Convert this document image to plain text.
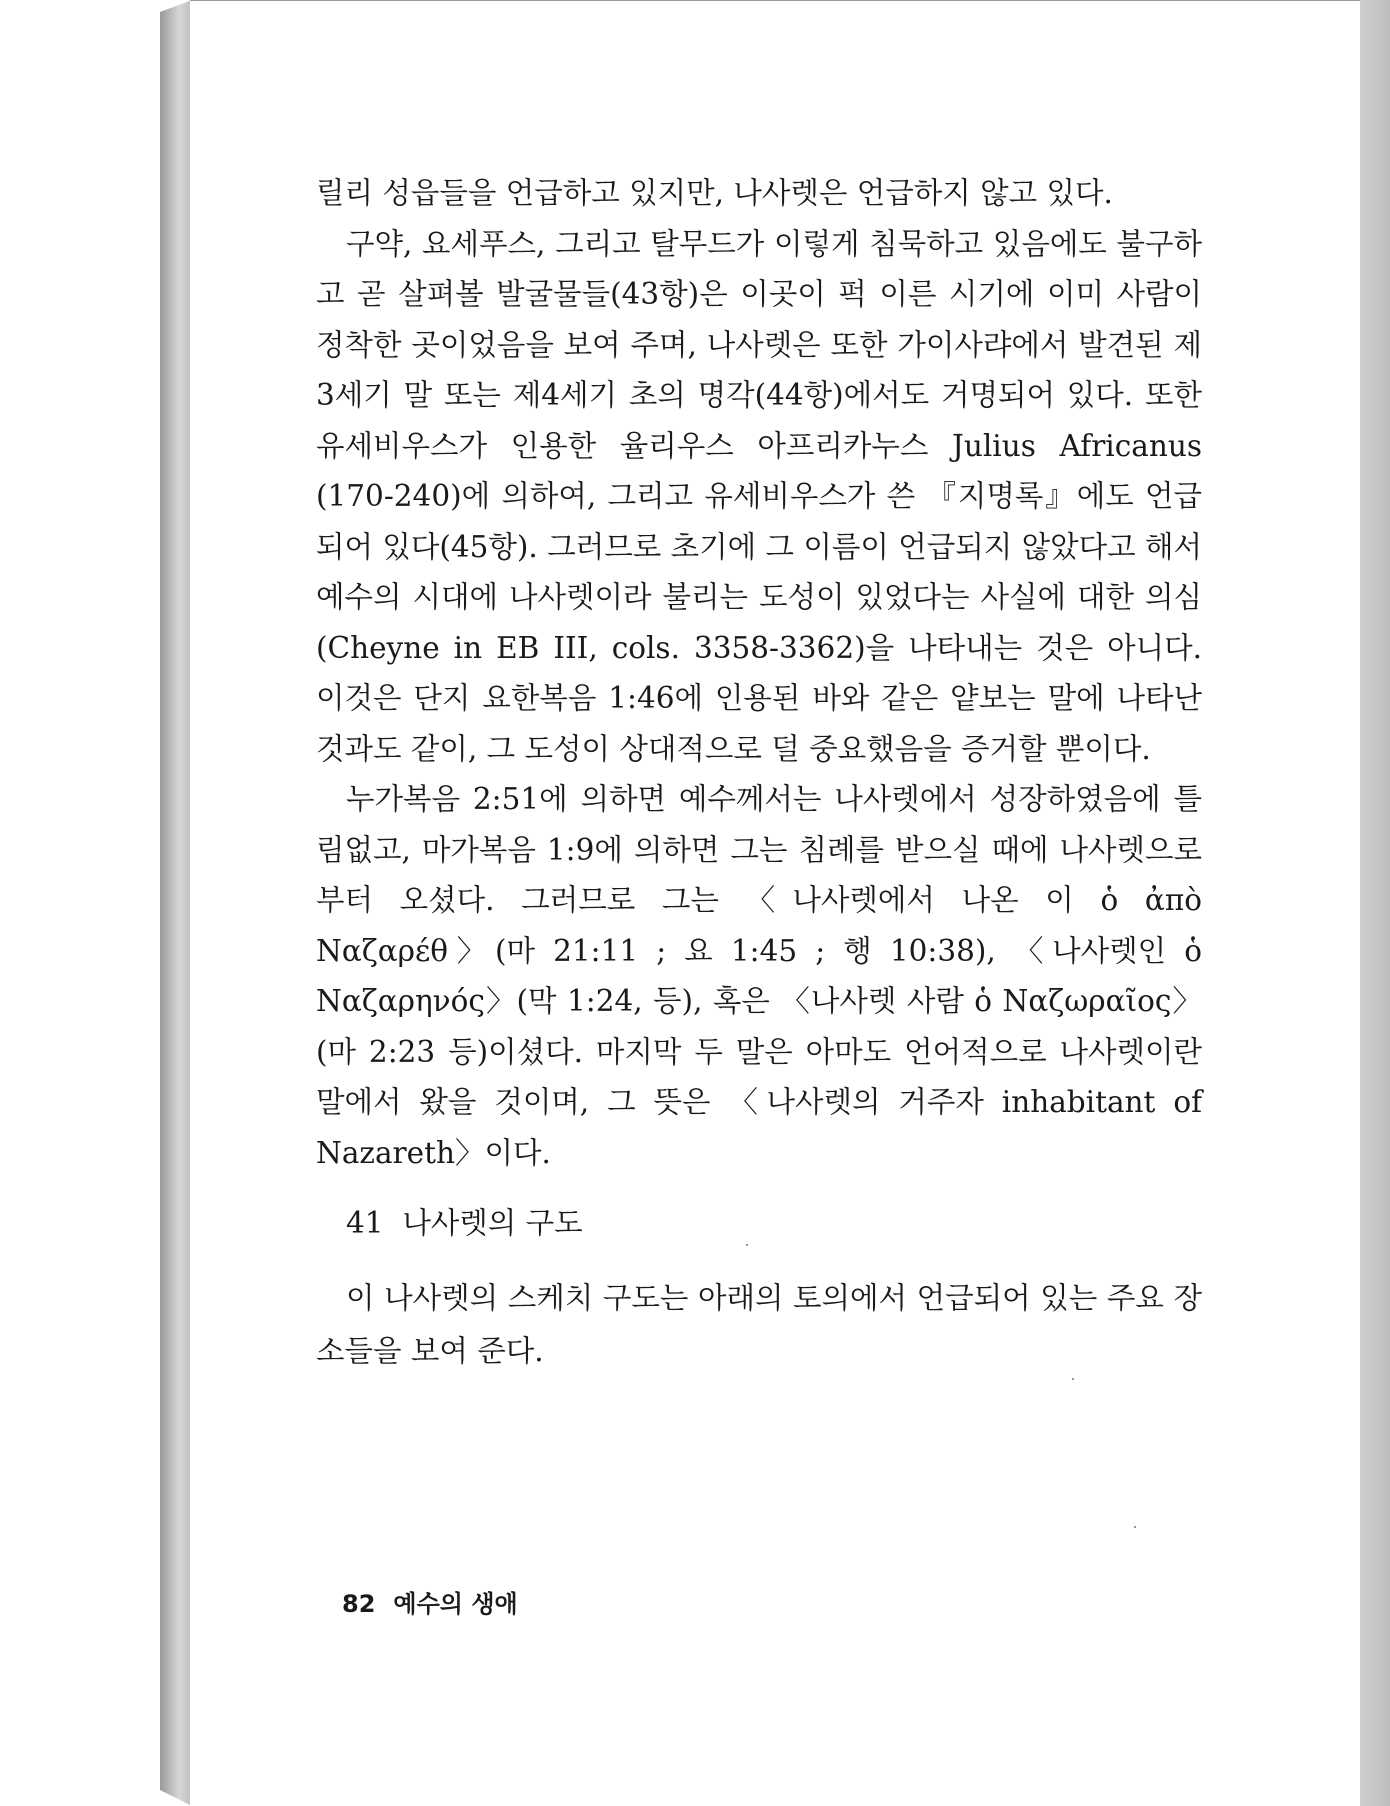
릴리 성읍들을 언급하고 있지만, 나사렛은 언급하지 않고 있다.

구약, 요세푸스, 그리고 탈무드가 이렇게 침묵하고 있음에도 불구하고 곧 살펴볼 발굴물들(43항)은 이곳이 퍽 이른 시기에 이미 사람이 정착한 곳이었음을 보여 주며, 나사렛은 또한 가이사랴에서 발견된 제3세기 말 또는 제4세기 초의 명각(44항)에서도 거명되어 있다. 또한 유세비우스가 인용한 율리우스 아프리카누스 Julius Africanus (170-240)에 의하여, 그리고 유세비우스가 쓴 『지명록』에도 언급되어 있다(45항). 그러므로 초기에 그 이름이 언급되지 않았다고 해서 예수의 시대에 나사렛이라 불리는 도성이 있었다는 사실에 대한 의심(Cheyne in EB III, cols. 3358-3362)을 나타내는 것은 아니다. 이것은 단지 요한복음 1:46에 인용된 바와 같은 얕보는 말에 나타난 것과도 같이, 그 도성이 상대적으로 덜 중요했음을 증거할 뿐이다.

누가복음 2:51에 의하면 예수께서는 나사렛에서 성장하였음에 틀림없고, 마가복음 1:9에 의하면 그는 침례를 받으실 때에 나사렛으로부터 오셨다. 그러므로 그는 〈나사렛에서 나온 이 ὁ ἀπὸ Ναζαρέθ〉(마 21:11 ; 요 1:45 ; 행 10:38), 〈나사렛인 ὁ Ναζαρηνός〉(막 1:24, 등), 혹은 〈나사렛 사람 ὁ Ναζωραῖος〉(마 2:23 등)이셨다. 마지막 두 말은 아마도 언어적으로 나사렛이란 말에서 왔을 것이며, 그 뜻은 〈나사렛의 거주자 inhabitant of Nazareth〉이다.

41 나사렛의 구도

이 나사렛의 스케치 구도는 아래의 토의에서 언급되어 있는 주요 장소들을 보여 준다.

82 예수의 생애
